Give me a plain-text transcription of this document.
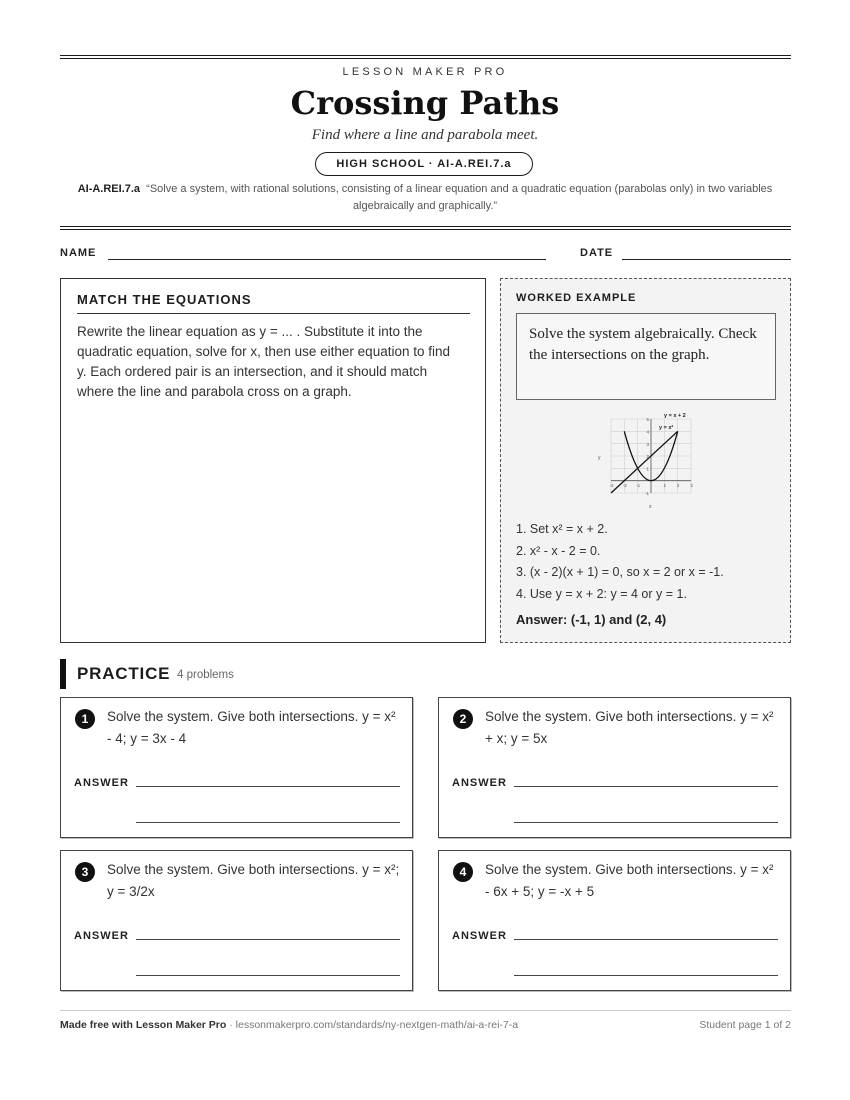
LESSON MAKER PRO
Crossing Paths
Find where a line and parabola meet.
HIGH SCHOOL · AI-A.REI.7.a
AI-A.REI.7.a “Solve a system, with rational solutions, consisting of a linear equation and a quadratic equation (parabolas only) in two variables algebraically and graphically.”
NAME	DATE
MATCH THE EQUATIONS
Rewrite the linear equation as y = ... . Substitute it into the quadratic equation, solve for x, then use either equation to find y. Each ordered pair is an intersection, and it should match where the line and parabola cross on a graph.
WORKED EXAMPLE
Solve the system algebraically. Check the intersections on the graph.
y = x + 2
y = x²
x
y
-3 -2 -1	1 2 3
-1
1
2
3
4
5
1. Set x² = x + 2.
2. x² - x - 2 = 0.
3. (x - 2)(x + 1) = 0, so x = 2 or x = -1.
4. Use y = x + 2: y = 4 or y = 1.
Answer: (-1, 1) and (2, 4)
PRACTICE 4 problems
1	Solve the system. Give both intersections. y = x² - 4; y = 3x - 4
ANSWER
2	Solve the system. Give both intersections. y = x² + x; y = 5x
ANSWER
3	Solve the system. Give both intersections. y = x²; y = 3/2x
ANSWER
4	Solve the system. Give both intersections. y = x² - 6x + 5; y = -x + 5
ANSWER
Made free with Lesson Maker Pro · lessonmakerpro.com/standards/ny-nextgen-math/ai-a-rei-7-a	Student page 1 of 2
